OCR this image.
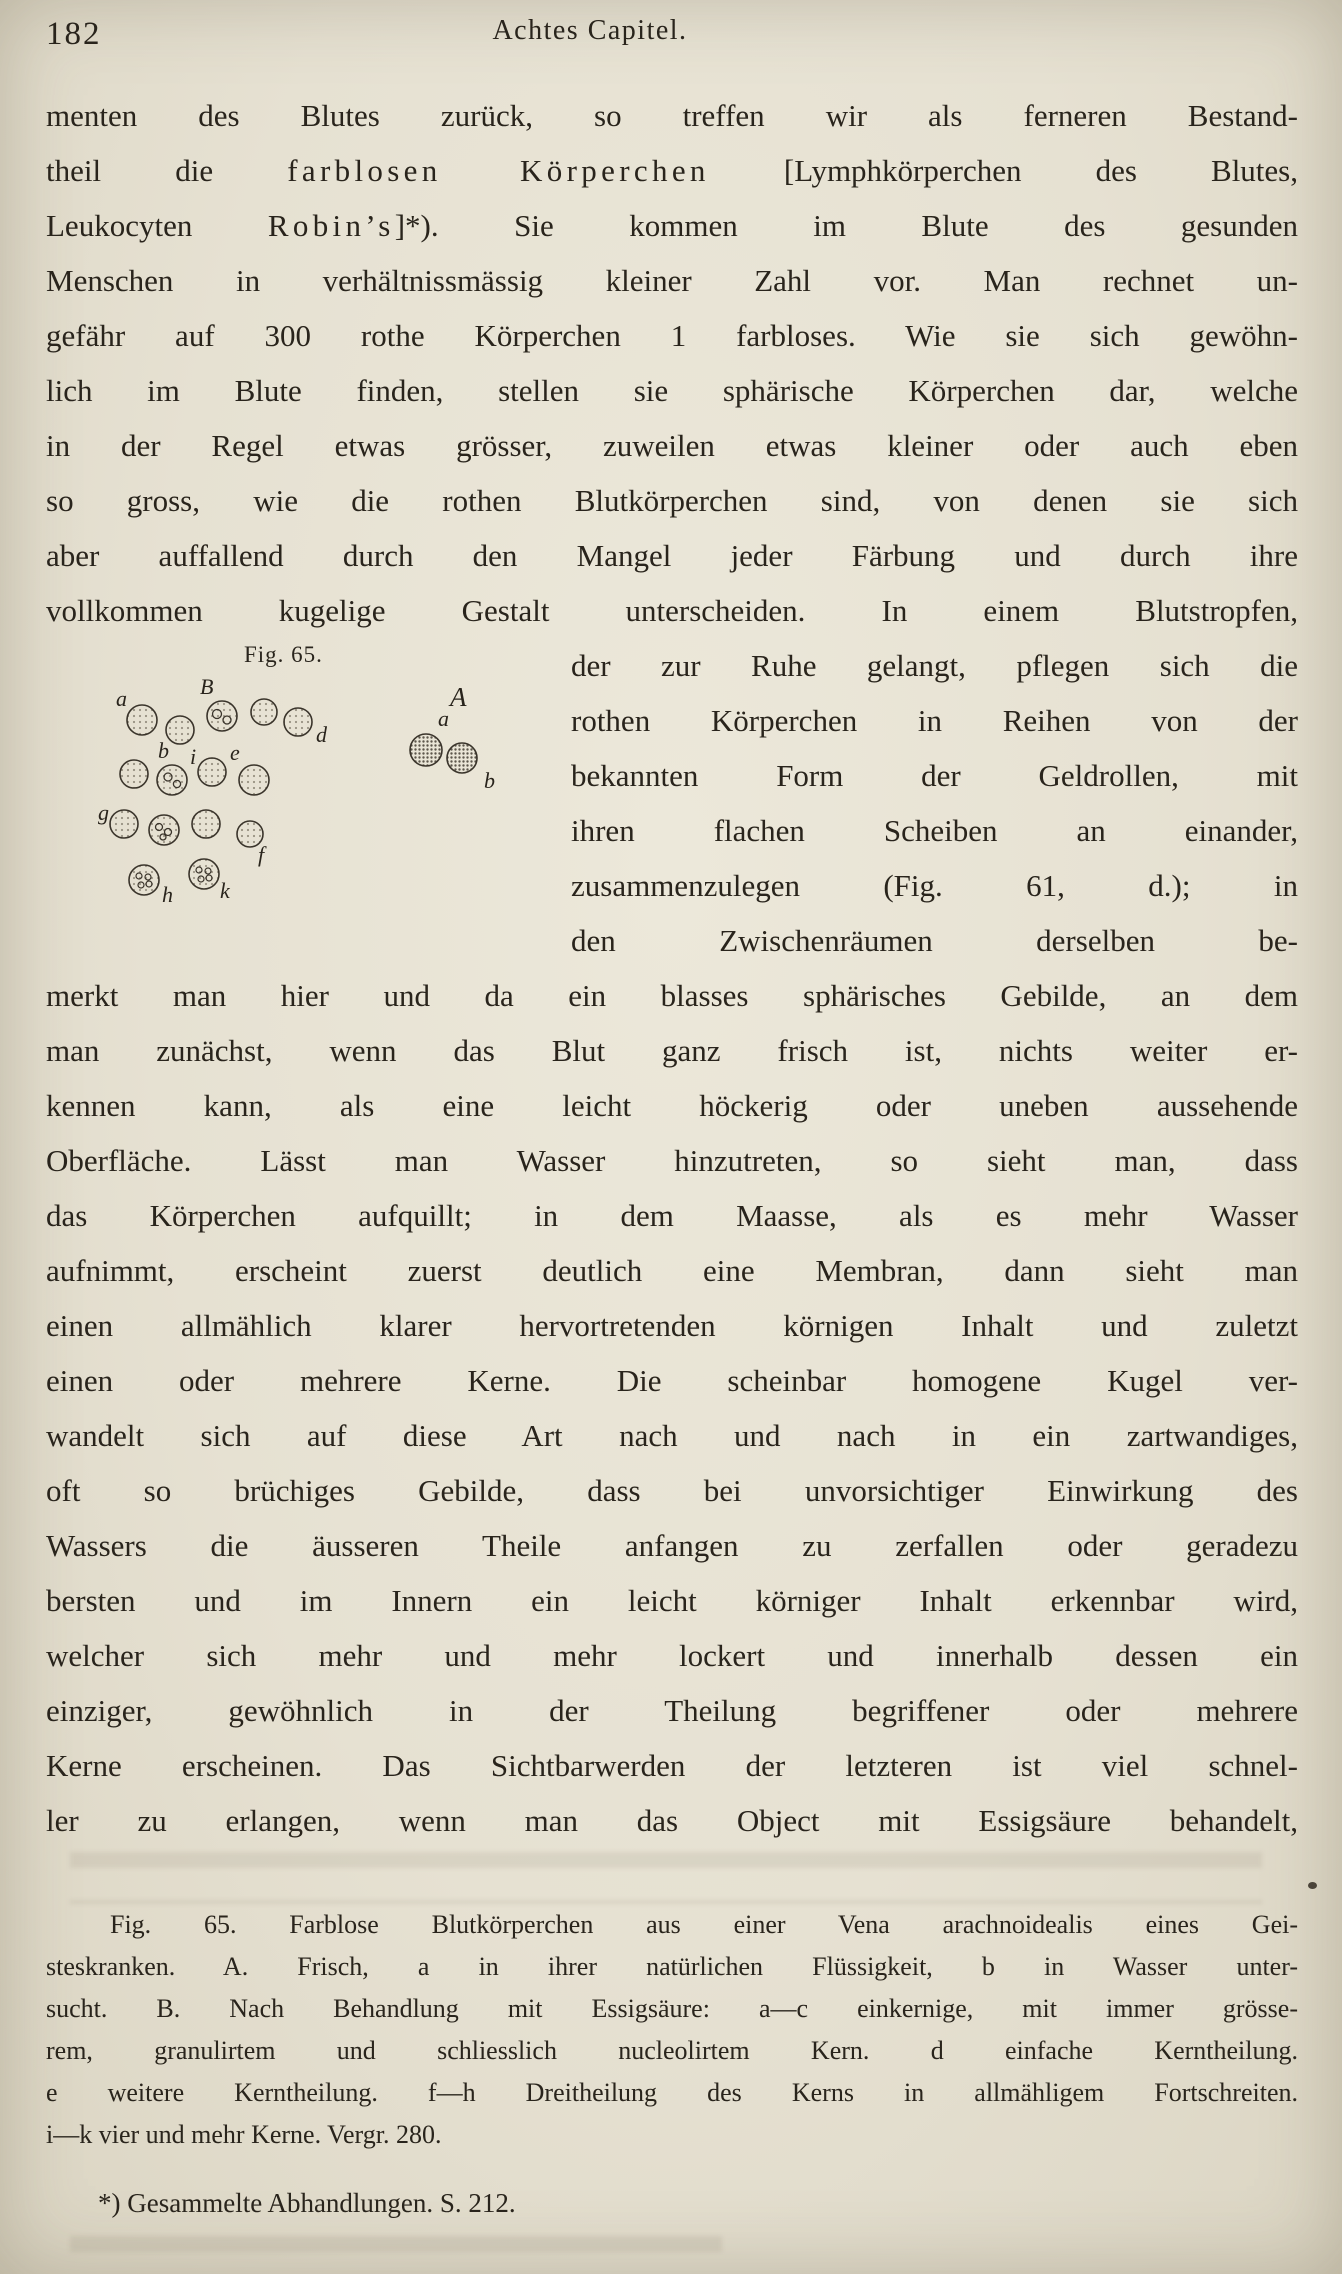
182	Achtes Capitel.
menten des Blutes zurück, so treffen wir als ferneren Bestand-
theil die farblosen Körperchen [Lymphkörperchen des Blutes,
Leukocyten Robin’s]*). Sie kommen im Blute des gesunden
Menschen in verhältnissmässig kleiner Zahl vor. Man rechnet un-
gefähr auf 300 rothe Körperchen 1 farbloses. Wie sie sich gewöhn-
lich im Blute finden, stellen sie sphärische Körperchen dar, welche
in der Regel etwas grösser, zuweilen etwas kleiner oder auch eben
so gross, wie die rothen Blutkörperchen sind, von denen sie sich
aber auffallend durch den Mangel jeder Färbung und durch ihre
vollkommen kugelige Gestalt unterscheiden. In einem Blutstropfen,
Fig. 65.
a	B
b
d
i e
g
f
h k
A
a
b
der zur Ruhe gelangt, pflegen sich die
rothen Körperchen in Reihen von der
bekannten Form der Geldrollen, mit
ihren flachen Scheiben an einander,
zusammenzulegen (Fig. 61, d.); in
den Zwischenräumen derselben be-
merkt man hier und da ein blasses sphärisches Gebilde, an dem
man zunächst, wenn das Blut ganz frisch ist, nichts weiter er-
kennen kann, als eine leicht höckerig oder uneben aussehende
Oberfläche. Lässt man Wasser hinzutreten, so sieht man, dass
das Körperchen aufquillt; in dem Maasse, als es mehr Wasser
aufnimmt, erscheint zuerst deutlich eine Membran, dann sieht man
einen allmählich klarer hervortretenden körnigen Inhalt und zuletzt
einen oder mehrere Kerne. Die scheinbar homogene Kugel ver-
wandelt sich auf diese Art nach und nach in ein zartwandiges,
oft so brüchiges Gebilde, dass bei unvorsichtiger Einwirkung des
Wassers die äusseren Theile anfangen zu zerfallen oder geradezu
bersten und im Innern ein leicht körniger Inhalt erkennbar wird,
welcher sich mehr und mehr lockert und innerhalb dessen ein
einziger, gewöhnlich in der Theilung begriffener oder mehrere
Kerne erscheinen. Das Sichtbarwerden der letzteren ist viel schnel-
ler zu erlangen, wenn man das Object mit Essigsäure behandelt,
Fig. 65. Farblose Blutkörperchen aus einer Vena arachnoidealis eines Gei-
steskranken. A. Frisch, a in ihrer natürlichen Flüssigkeit, b in Wasser unter-
sucht. B. Nach Behandlung mit Essigsäure: a—c einkernige, mit immer grösse-
rem, granulirtem und schliesslich nucleolirtem Kern. d einfache Kerntheilung.
e weitere Kerntheilung. f—h Dreitheilung des Kerns in allmähligem Fortschreiten.
i—k vier und mehr Kerne. Vergr. 280.
*) Gesammelte Abhandlungen. S. 212.
